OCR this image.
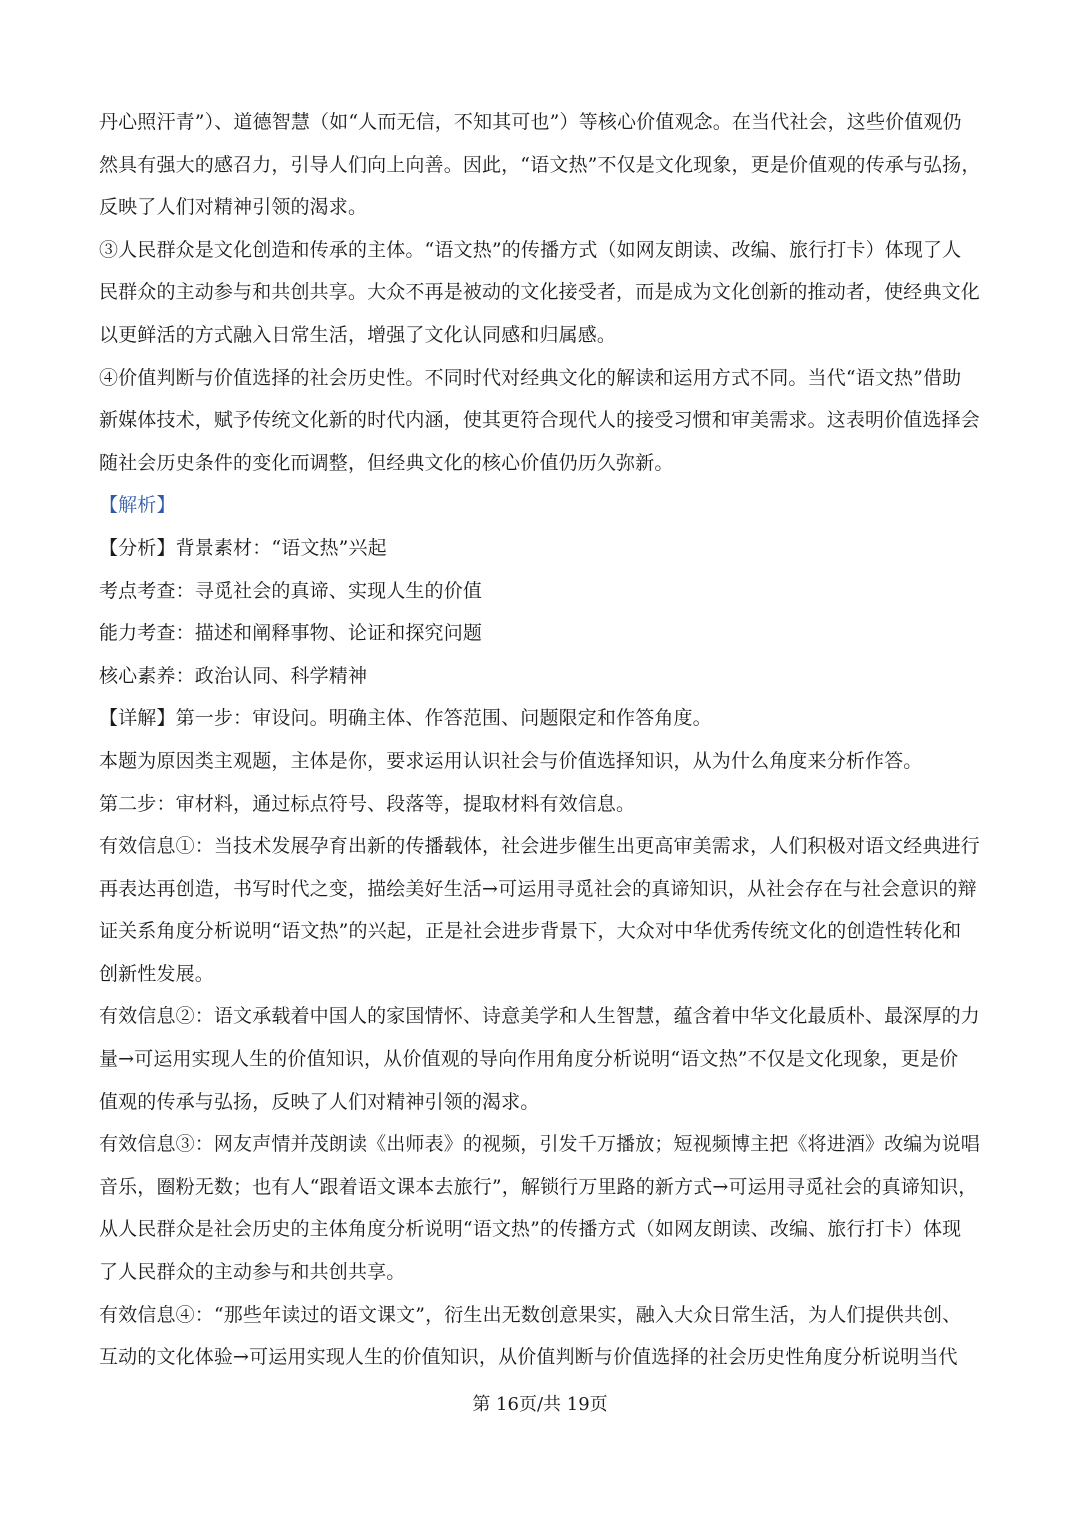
丹心照汗青”）、道德智慧（如“人而无信，不知其可也”）等核心价值观念。在当代社会，这些价值观仍
然具有强大的感召力，引导人们向上向善。因此，“语文热”不仅是文化现象，更是价值观的传承与弘扬，
反映了人们对精神引领的渴求。
③人民群众是文化创造和传承的主体。“语文热”的传播方式（如网友朗读、改编、旅行打卡）体现了人
民群众的主动参与和共创共享。大众不再是被动的文化接受者，而是成为文化创新的推动者，使经典文化
以更鲜活的方式融入日常生活，增强了文化认同感和归属感。
④价值判断与价值选择的社会历史性。不同时代对经典文化的解读和运用方式不同。当代“语文热”借助
新媒体技术，赋予传统文化新的时代内涵，使其更符合现代人的接受习惯和审美需求。这表明价值选择会
随社会历史条件的变化而调整，但经典文化的核心价值仍历久弥新。
【解析】
【分析】背景素材：“语文热”兴起
考点考查：寻觅社会的真谛、实现人生的价值
能力考查：描述和阐释事物、论证和探究问题
核心素养：政治认同、科学精神
【详解】第一步：审设问。明确主体、作答范围、问题限定和作答角度。
本题为原因类主观题，主体是你，要求运用认识社会与价值选择知识，从为什么角度来分析作答。
第二步：审材料，通过标点符号、段落等，提取材料有效信息。
有效信息①：当技术发展孕育出新的传播载体，社会进步催生出更高审美需求，人们积极对语文经典进行
再表达再创造，书写时代之变，描绘美好生活→可运用寻觅社会的真谛知识，从社会存在与社会意识的辩
证关系角度分析说明“语文热”的兴起，正是社会进步背景下，大众对中华优秀传统文化的创造性转化和
创新性发展。
有效信息②：语文承载着中国人的家国情怀、诗意美学和人生智慧，蕴含着中华文化最质朴、最深厚的力
量→可运用实现人生的价值知识，从价值观的导向作用角度分析说明“语文热”不仅是文化现象，更是价
值观的传承与弘扬，反映了人们对精神引领的渴求。
有效信息③：网友声情并茂朗读《出师表》的视频，引发千万播放；短视频博主把《将进酒》改编为说唱
音乐，圈粉无数；也有人“跟着语文课本去旅行”，解锁行万里路的新方式→可运用寻觅社会的真谛知识，
从人民群众是社会历史的主体角度分析说明“语文热”的传播方式（如网友朗读、改编、旅行打卡）体现
了人民群众的主动参与和共创共享。
有效信息④：“那些年读过的语文课文”，衍生出无数创意果实，融入大众日常生活，为人们提供共创、
互动的文化体验→可运用实现人生的价值知识，从价值判断与价值选择的社会历史性角度分析说明当代
第 16页/共 19页
